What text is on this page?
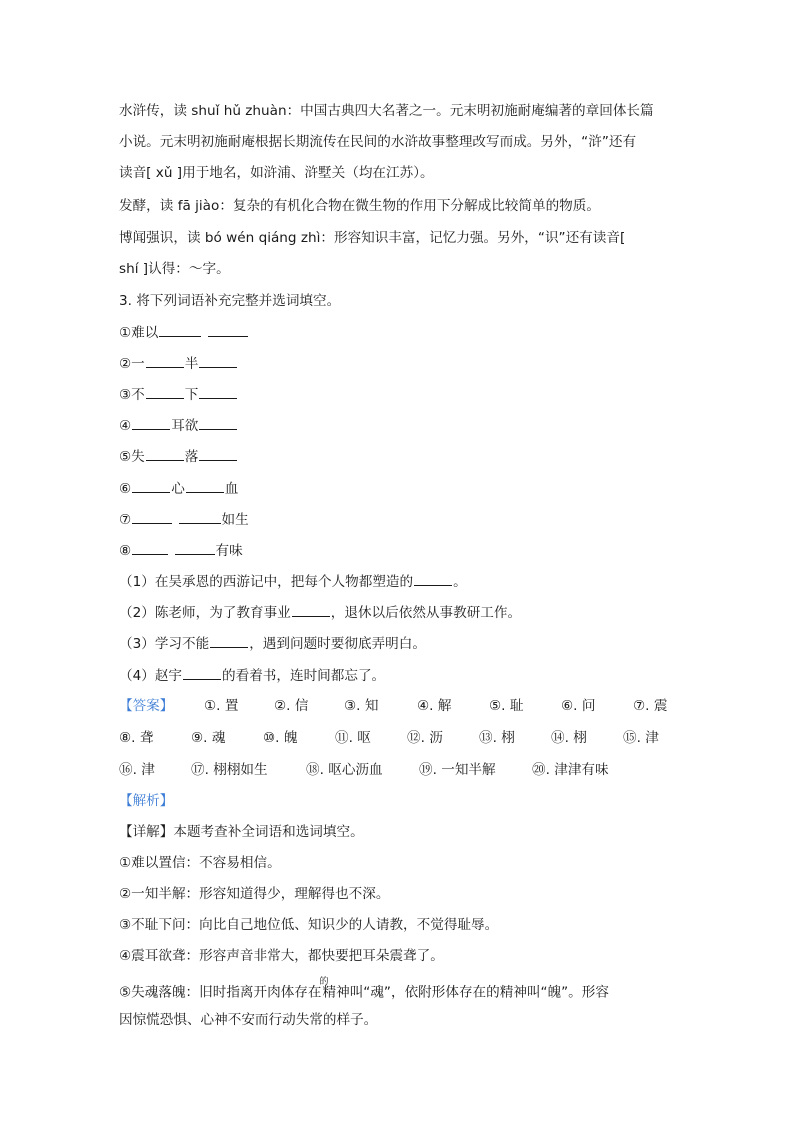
水浒传，读 shuǐ hǔ zhuàn：中国古典四大名著之一。元末明初施耐庵编著的章回体长篇
小说。元末明初施耐庵根据长期流传在民间的水浒故事整理改写而成。另外，“浒”还有
读音[ xǔ ]用于地名，如浒浦、浒墅关（均在江苏）。
发酵，读 fā jiào：复杂的有机化合物在微生物的作用下分解成比较简单的物质。
博闻强识，读 bó wén qiáng zhì：形容知识丰富，记忆力强。另外，“识”还有读音[
shí ]认得：～字。
3. 将下列词语补充完整并选词填空。
①难以
②一	半
③不	下
④	耳欲
⑤失	落
⑥	心	血
⑦	如生
⑧	有味
（1）在吴承恩的西游记中，把每个人物都塑造的	。
（2）陈老师，为了教育事业	，退休以后依然从事教研工作。
（3）学习不能	，遇到问题时要彻底弄明白。
（4）赵宇	的看着书，连时间都忘了。
【答案】 ①. 置	②. 信	③. 知	④. 解	⑤. 耻	⑥. 问	⑦. 震
⑧. 聋	⑨. 魂	⑩. 魄	⑪. 呕	⑫. 沥	⑬. 栩	⑭. 栩	⑮. 津
⑯. 津	⑰. 栩栩如生	⑱. 呕心沥血	⑲. 一知半解	⑳. 津津有味
【解析】
【详解】本题考查补全词语和选词填空。
①难以置信：不容易相信。
②一知半解：形容知道得少，理解得也不深。
③不耻下问：向比自己地位低、知识少的人请教，不觉得耻辱。
④震耳欲聋：形容声音非常大，都快要把耳朵震聋了。
⑤失魂落魄：旧时指离开肉体存在$^的$精神叫“魂”，依附形体存在的精神叫“魄”。形容
因惊慌恐惧、心神不安而行动失常的样子。
